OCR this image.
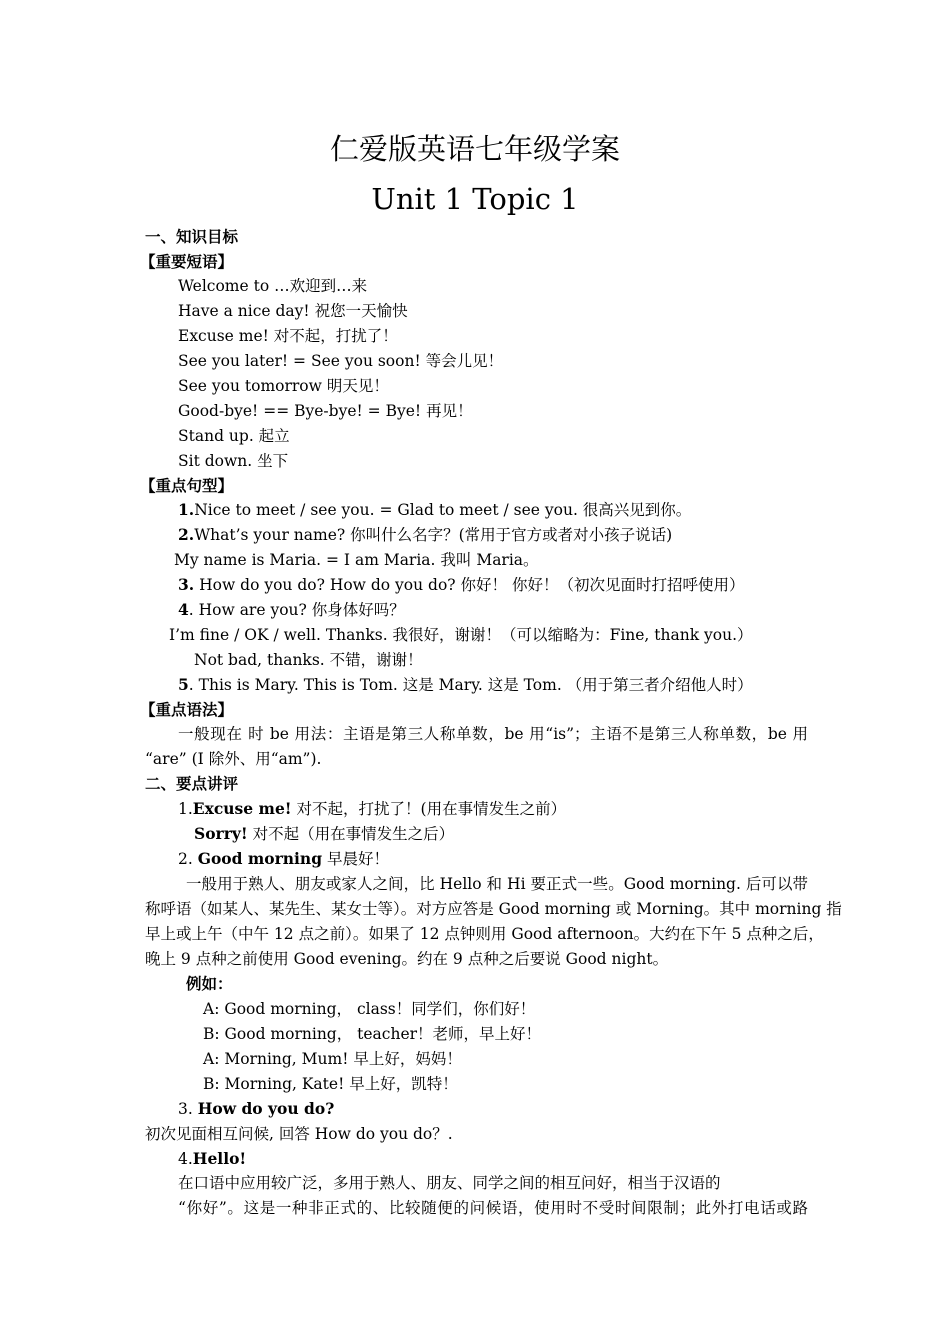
仁爱版英语七年级学案
Unit 1 Topic 1
一、知识目标
【重要短语】
Welcome to …欢迎到…来
Have a nice day! 祝您一天愉快
Excuse me! 对不起，打扰了！
See you later! = See you soon! 等会儿见！
See you tomorrow 明天见！
Good-bye! == Bye-bye! = Bye! 再见！
Stand up. 起立
Sit down. 坐下
【重点句型】
1.Nice to meet / see you. = Glad to meet / see you. 很高兴见到你。
2.What’s your name? 你叫什么名字？(常用于官方或者对小孩子说话)
My name is Maria. = I am Maria. 我叫 Maria。
3. How do you do? How do you do? 你好！ 你好！（初次见面时打招呼使用）
4. How are you? 你身体好吗？
I’m fine / OK / well. Thanks. 我很好，谢谢！（可以缩略为：Fine, thank you.）
Not bad, thanks. 不错，谢谢！
5. This is Mary. This is Tom. 这是 Mary. 这是 Tom. （用于第三者介绍他人时）
【重点语法】
一般现在 时 be 用法：主语是第三人称单数，be 用“is”；主语不是第三人称单数，be 用
“are” (I 除外、用“am”).
二、要点讲评
1.Excuse me! 对不起，打扰了！(用在事情发生之前）
Sorry! 对不起（用在事情发生之后）
2. Good morning 早晨好！
一般用于熟人、朋友或家人之间，比 Hello 和 Hi 要正式一些。Good morning. 后可以带
称呼语（如某人、某先生、某女士等）。对方应答是 Good morning 或 Morning。其中 morning 指
早上或上午（中午 12 点之前）。如果了 12 点钟则用 Good afternoon。大约在下午 5 点种之后，
晚上 9 点种之前使用 Good evening。约在 9 点种之后要说 Good night。
例如：
A: Good morning， class！同学们，你们好！
B: Good morning， teacher！老师，早上好！
A: Morning, Mum! 早上好，妈妈！
B: Morning, Kate! 早上好，凯特！
3. How do you do?
初次见面相互问候, 回答 How do you do？.
4.Hello!
在口语中应用较广泛，多用于熟人、朋友、同学之间的相互问好，相当于汉语的
“你好”。这是一种非正式的、比较随便的问候语，使用时不受时间限制；此外打电话或路
